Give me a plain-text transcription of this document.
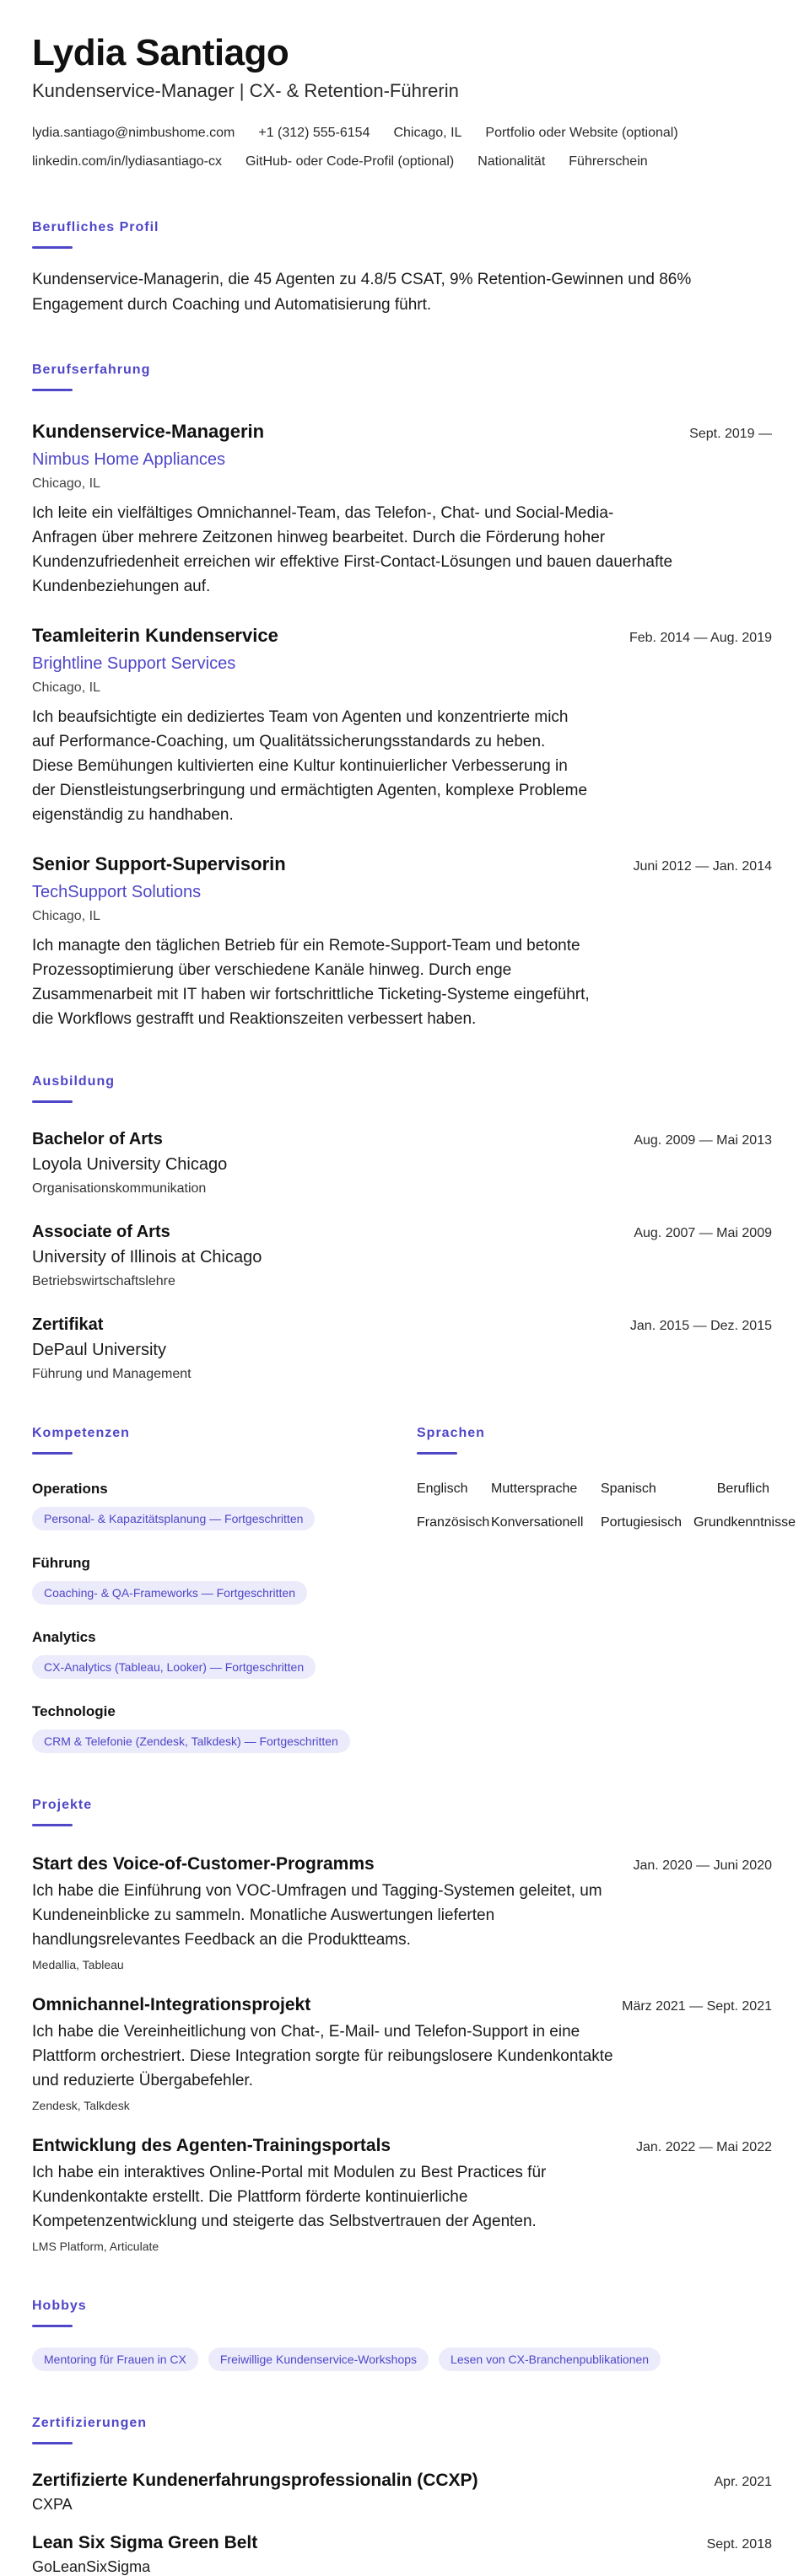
Lydia Santiago
Kundenservice-Manager | CX- & Retention-Führerin
lydia.santiago@nimbushome.com +1 (312) 555-6154 Chicago, IL Portfolio oder Website (optional)
linkedin.com/in/lydiasantiago-cx GitHub- oder Code-Profil (optional) Nationalität Führerschein
Berufliches Profil
Kundenservice-Managerin, die 45 Agenten zu 4.8/5 CSAT, 9% Retention-Gewinnen und 86% Engagement durch Coaching und Automatisierung führt.
Berufserfahrung
Kundenservice-Managerin	Sept. 2019 —
Nimbus Home Appliances
Chicago, IL
Ich leite ein vielfältiges Omnichannel-Team, das Telefon-, Chat- und Social-Media-Anfragen über mehrere Zeitzonen hinweg bearbeitet. Durch die Förderung hoher Kundenzufriedenheit erreichen wir effektive First-Contact-Lösungen und bauen dauerhafte Kundenbeziehungen auf.
Teamleiterin Kundenservice	Feb. 2014 — Aug. 2019
Brightline Support Services
Chicago, IL
Ich beaufsichtigte ein dediziertes Team von Agenten und konzentrierte mich auf Performance-Coaching, um Qualitätssicherungsstandards zu heben. Diese Bemühungen kultivierten eine Kultur kontinuierlicher Verbesserung in der Dienstleistungserbringung und ermächtigten Agenten, komplexe Probleme eigenständig zu handhaben.
Senior Support-Supervisorin	Juni 2012 — Jan. 2014
TechSupport Solutions
Chicago, IL
Ich managte den täglichen Betrieb für ein Remote-Support-Team und betonte Prozessoptimierung über verschiedene Kanäle hinweg. Durch enge Zusammenarbeit mit IT haben wir fortschrittliche Ticketing-Systeme eingeführt, die Workflows gestrafft und Reaktionszeiten verbessert haben.
Ausbildung
Bachelor of Arts	Aug. 2009 — Mai 2013
Loyola University Chicago
Organisationskommunikation
Associate of Arts	Aug. 2007 — Mai 2009
University of Illinois at Chicago
Betriebswirtschaftslehre
Zertifikat	Jan. 2015 — Dez. 2015
DePaul University
Führung und Management
Kompetenzen
Operations
Personal- & Kapazitätsplanung — Fortgeschritten
Führung
Coaching- & QA-Frameworks — Fortgeschritten
Analytics
CX-Analytics (Tableau, Looker) — Fortgeschritten
Technologie
CRM & Telefonie (Zendesk, Talkdesk) — Fortgeschritten
Sprachen
Englisch	Muttersprache	Spanisch	Beruflich
Französisch Konversationell	Portugiesisch Grundkenntnisse
Projekte
Start des Voice-of-Customer-Programms	Jan. 2020 — Juni 2020
Ich habe die Einführung von VOC-Umfragen und Tagging-Systemen geleitet, um Kundeneinblicke zu sammeln. Monatliche Auswertungen lieferten handlungsrelevantes Feedback an die Produktteams.
Medallia, Tableau
Omnichannel-Integrationsprojekt	März 2021 — Sept. 2021
Ich habe die Vereinheitlichung von Chat-, E-Mail- und Telefon-Support in eine Plattform orchestriert. Diese Integration sorgte für reibungslosere Kundenkontakte und reduzierte Übergabefehler.
Zendesk, Talkdesk
Entwicklung des Agenten-Trainingsportals	Jan. 2022 — Mai 2022
Ich habe ein interaktives Online-Portal mit Modulen zu Best Practices für Kundenkontakte erstellt. Die Plattform förderte kontinuierliche Kompetenzentwicklung und steigerte das Selbstvertrauen der Agenten.
LMS Platform, Articulate
Hobbys
Mentoring für Frauen in CX	Freiwillige Kundenservice-Workshops	Lesen von CX-Branchenpublikationen
Zertifizierungen
Zertifizierte Kundenerfahrungsprofessionalin (CCXP)	Apr. 2021
CXPA
Lean Six Sigma Green Belt	Sept. 2018
GoLeanSixSigma
